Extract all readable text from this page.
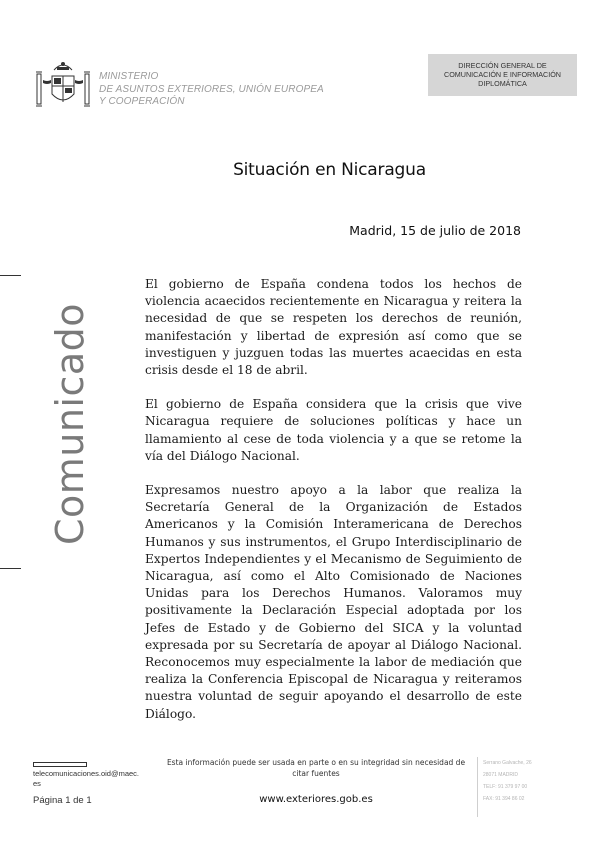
MINISTERIO
DE ASUNTOS EXTERIORES, UNIÓN EUROPEA
Y COOPERACIÓN
DIRECCIÓN GENERAL DE
COMUNICACIÓN E INFORMACIÓN
DIPLOMÁTICA
Situación en Nicaragua
Madrid, 15 de julio de 2018
Comunicado

El gobierno de España condena todos los hechos de violencia acaecidos recientemente en Nicaragua y reitera la necesidad de que se respeten los derechos de reunión, manifestación y libertad de expresión así como que se investiguen y juzguen todas las muertes acaecidas en esta crisis desde el 18 de abril.

El gobierno de España considera que la crisis que vive Nicaragua requiere de soluciones políticas y hace un llamamiento al cese de toda violencia y a que se retome la vía del Diálogo Nacional.

Expresamos nuestro apoyo a la labor que realiza la Secretaría General de la Organización de Estados Americanos y la Comisión Interamericana de Derechos Humanos y sus instrumentos, el Grupo Interdisciplinario de Expertos Independientes y el Mecanismo de Seguimiento de Nicaragua, así como el Alto Comisionado de Naciones Unidas para los Derechos Humanos. Valoramos muy positivamente la Declaración Especial adoptada por los Jefes de Estado y de Gobierno del SICA y la voluntad expresada por su Secretaría de apoyar al Diálogo Nacional. Reconocemos muy especialmente la labor de mediación que realiza la Conferencia Episcopal de Nicaragua y reiteramos nuestra voluntad de seguir apoyando el desarrollo de este Diálogo.

telecomunicaciones.oid@maec.es
Página 1 de 1
Esta información puede ser usada en parte o en su integridad sin necesidad de citar fuentes
www.exteriores.gob.es
Serrano Galvache, 26
28071 MADRID
TELF: 91 379 97 00
FAX: 91 394 86 02
